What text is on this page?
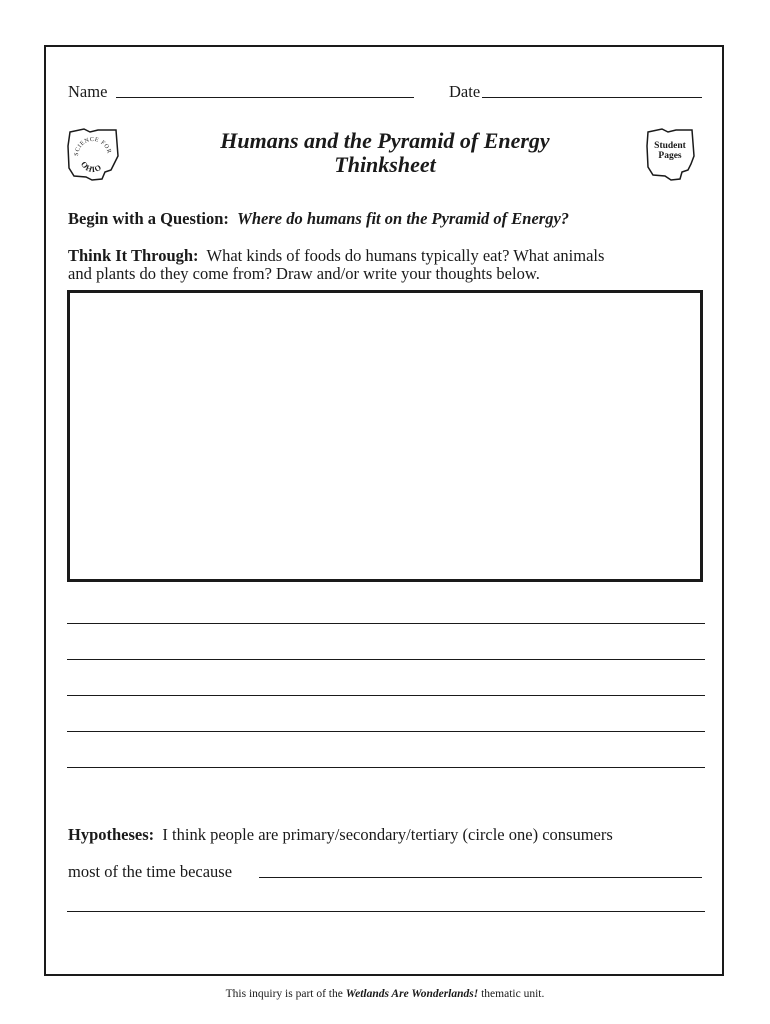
Name	Date
SCIENCE FOR
OHIO
Humans and the Pyramid of Energy
Thinksheet
Student
Pages
Begin with a Question: Where do humans fit on the Pyramid of Energy?
Think It Through: What kinds of foods do humans typically eat? What animals
and plants do they come from? Draw and/or write your thoughts below.
Hypotheses: I think people are primary/secondary/tertiary (circle one) consumers
most of the time because
This inquiry is part of the Wetlands Are Wonderlands! thematic unit.
